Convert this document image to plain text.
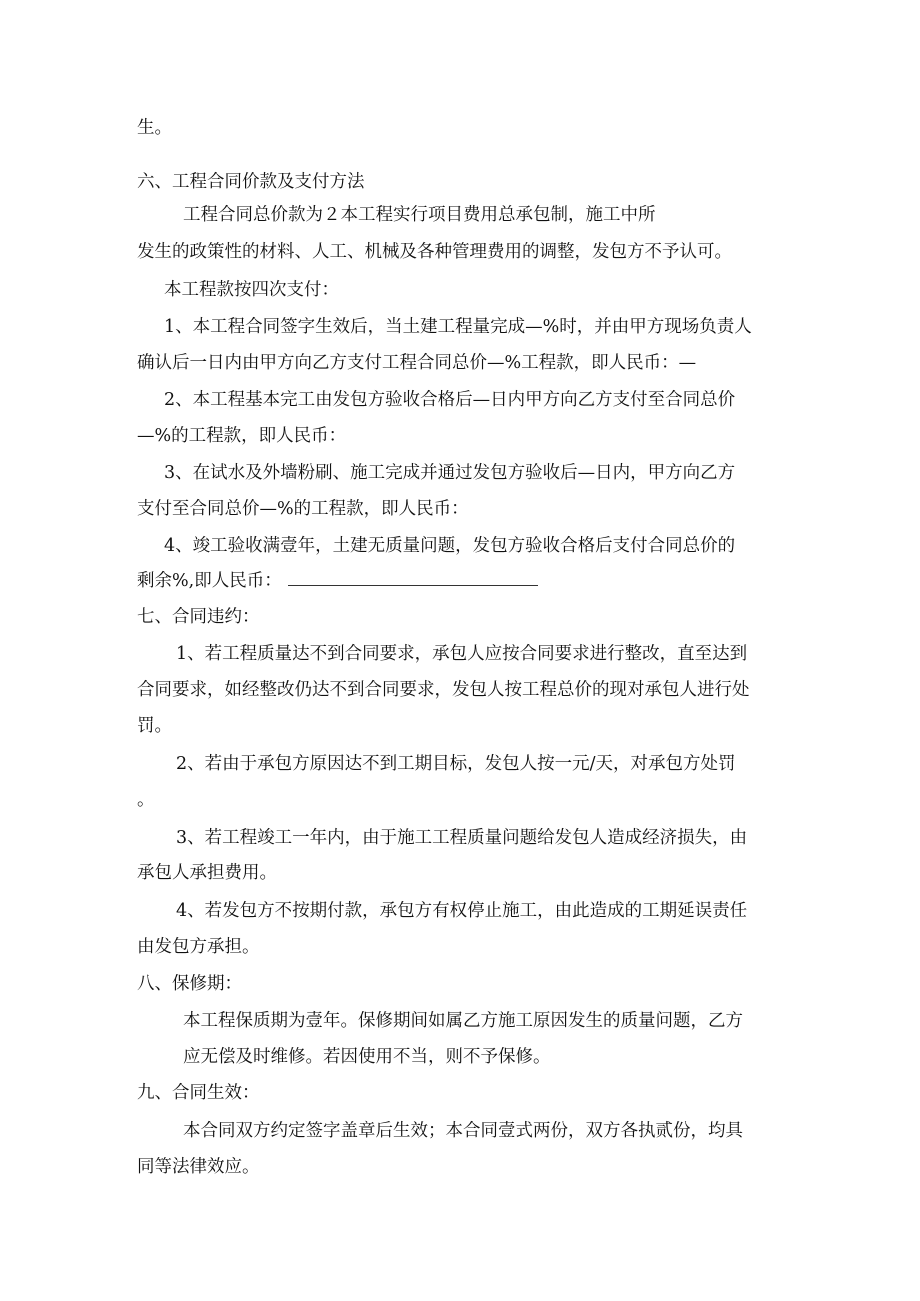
生。
六、工程合同价款及支付方法
工程合同总价款为２本工程实行项目费用总承包制，施工中所
发生的政策性的材料、人工、机械及各种管理费用的调整，发包方不予认可。
本工程款按四次支付：
1、本工程合同签字生效后，当土建工程量完成—%时，并由甲方现场负责人
确认后一日内由甲方向乙方支付工程合同总价—%工程款，即人民币：—
2、本工程基本完工由发包方验收合格后—日内甲方向乙方支付至合同总价
—%的工程款，即人民币：
3、在试水及外墙粉刷、施工完成并通过发包方验收后—日内，甲方向乙方
支付至合同总价—%的工程款，即人民币：
4、竣工验收满壹年，土建无质量问题，发包方验收合格后支付合同总价的
剩余%,即人民币：
七、合同违约：
1、若工程质量达不到合同要求，承包人应按合同要求进行整改，直至达到
合同要求，如经整改仍达不到合同要求，发包人按工程总价的现对承包人进行处
罚。
2、若由于承包方原因达不到工期目标，发包人按一元/天，对承包方处罚
。
3、若工程竣工一年内，由于施工工程质量问题给发包人造成经济损失，由
承包人承担费用。
4、若发包方不按期付款，承包方有权停止施工，由此造成的工期延误责任
由发包方承担。
八、保修期：
本工程保质期为壹年。保修期间如属乙方施工原因发生的质量问题，乙方
应无偿及时维修。若因使用不当，则不予保修。
九、合同生效：
本合同双方约定签字盖章后生效；本合同壹式两份，双方各执贰份，均具
同等法律效应。
